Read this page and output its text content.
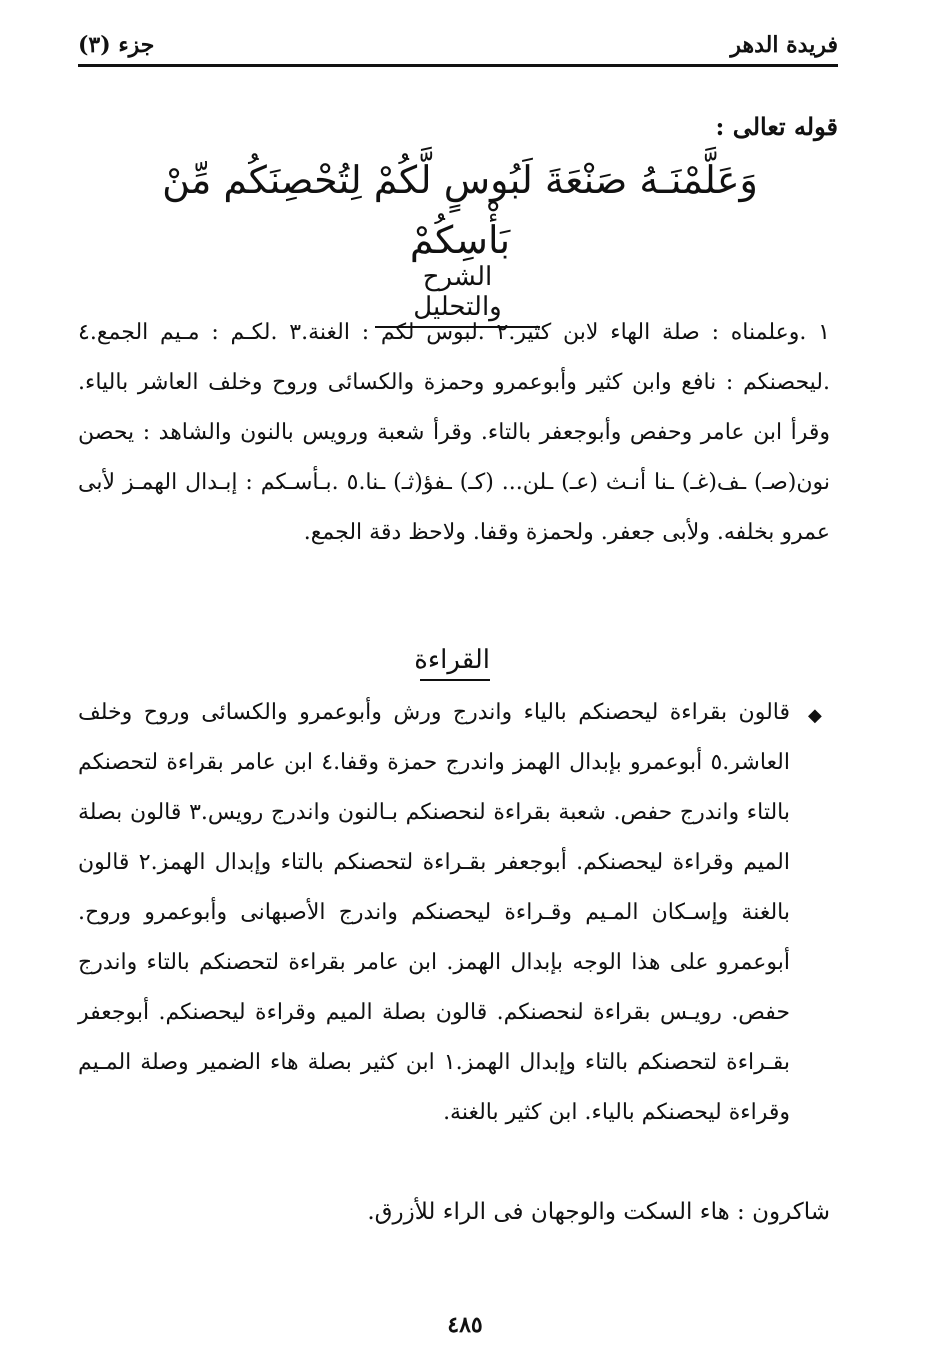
فريدة الدهر
جزء (٣)
قوله تعالى :
وَعَلَّمْنَـهُ صَنْعَةَ لَبُوسٍ لَّكُمْ لِتُحْصِنَكُم مِّنْ بَأْسِكُمْ
الشرح والتحليل
١ .وعلمناه : صلة الهاء لابن كثير.٢ .لبوس لكم : الغنة.٣ .لكـم : مـيم الجمع.٤ .ليحصنكم : نافع وابن كثير وأبوعمرو وحمزة والكسائى وروح وخلف العاشر بالياء. وقرأ ابن عامر وحفص وأبوجعفر بالتاء. وقرأ شعبة ورويس بالنون والشاهد : يحصن نون(صـ) ـف(غـ) ـنا أنـث (عـ) ـلن... (كـ) ـفؤ(ثـ) ـنا.٥ .بـأسـكم : إبـدال الهمـز لأبى عمرو بخلفه. ولأبى جعفر. ولحمزة وقفا. ولاحظ دقة الجمع.
القراءة
◆
قالون بقراءة ليحصنكم بالياء واندرج ورش وأبوعمرو والكسائى وروح وخلف العاشر.٥ أبوعمرو بإبدال الهمز واندرج حمزة وقفا.٤ ابن عامر بقراءة لتحصنكم بالتاء واندرج حفص. شعبة بقراءة لنحصنكم بـالنون واندرج رويس.٣ قالون بصلة الميم وقراءة ليحصنكم. أبوجعفر بقـراءة لتحصنكم بالتاء وإبدال الهمز.٢ قالون بالغنة وإسـكان المـيم وقـراءة ليحصنكم واندرج الأصبهانى وأبوعمرو وروح. أبوعمرو على هذا الوجه بإبدال الهمز. ابن عامر بقراءة لتحصنكم بالتاء واندرج حفص. رويـس بقراءة لنحصنكم. قالون بصلة الميم وقراءة ليحصنكم. أبوجعفر بقـراءة لتحصنكم بالتاء وإبدال الهمز.١ ابن كثير بصلة هاء الضمير وصلة المـيم وقراءة ليحصنكم بالياء. ابن كثير بالغنة.
شاكرون : هاء السكت والوجهان فى الراء للأزرق.
٤٨٥
